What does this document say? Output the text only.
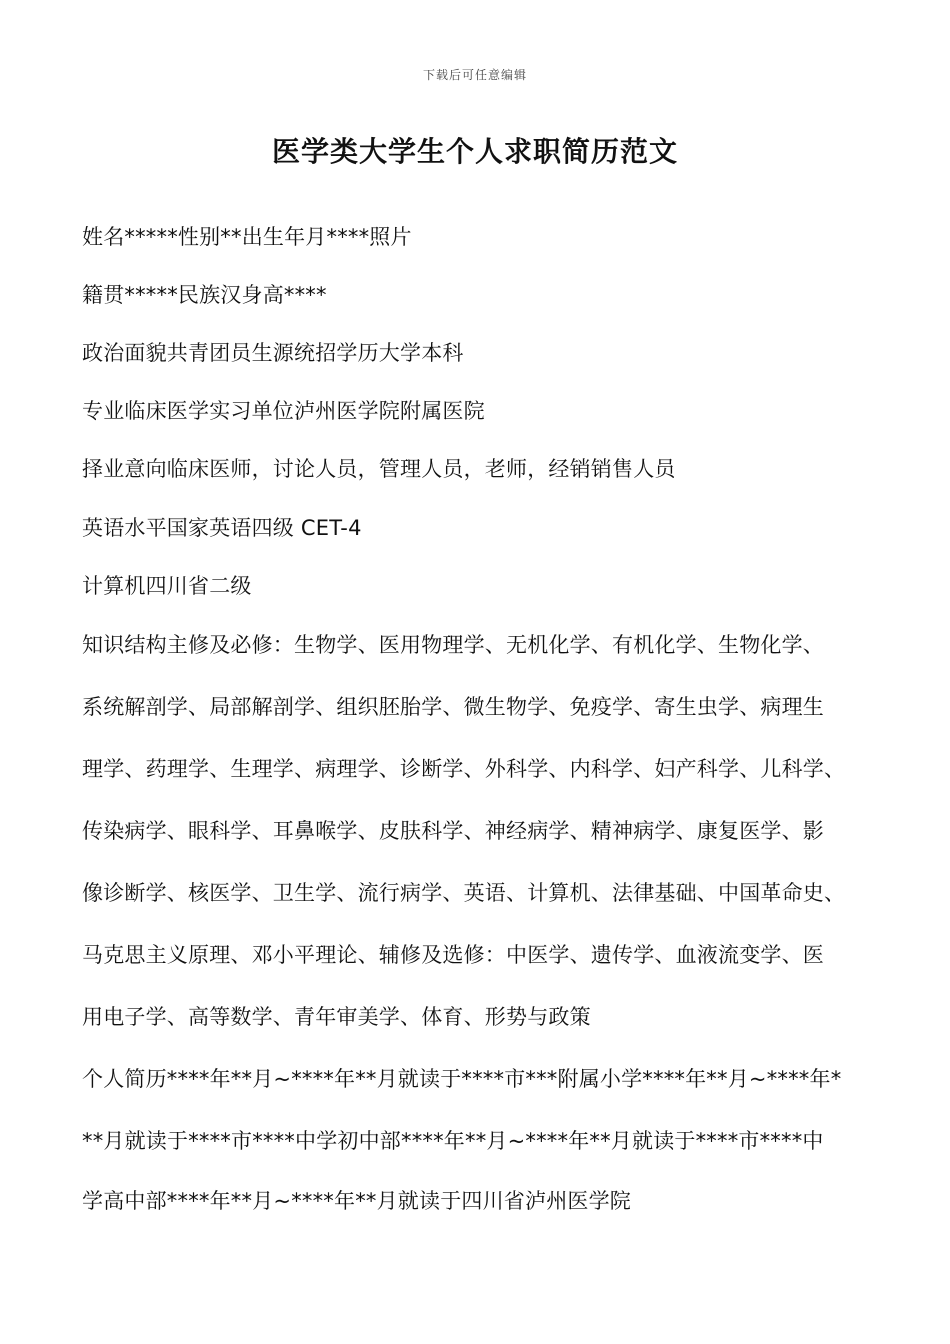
下载后可任意编辑
医学类大学生个人求职简历范文
姓名*****性别**出生年月****照片
籍贯*****民族汉身高****
政治面貌共青团员生源统招学历大学本科
专业临床医学实习单位泸州医学院附属医院
择业意向临床医师，讨论人员，管理人员，老师，经销销售人员
英语水平国家英语四级 CET-4
计算机四川省二级
知识结构主修及必修：生物学、医用物理学、无机化学、有机化学、生物化学、
系统解剖学、局部解剖学、组织胚胎学、微生物学、免疫学、寄生虫学、病理生
理学、药理学、生理学、病理学、诊断学、外科学、内科学、妇产科学、儿科学、
传染病学、眼科学、耳鼻喉学、皮肤科学、神经病学、精神病学、康复医学、影
像诊断学、核医学、卫生学、流行病学、英语、计算机、法律基础、中国革命史、
马克思主义原理、邓小平理论、辅修及选修：中医学、遗传学、血液流变学、医
用电子学、高等数学、青年审美学、体育、形势与政策
个人简历****年**月~****年**月就读于****市***附属小学****年**月~****年*
**月就读于****市****中学初中部****年**月~****年**月就读于****市****中
学高中部****年**月~****年**月就读于四川省泸州医学院
